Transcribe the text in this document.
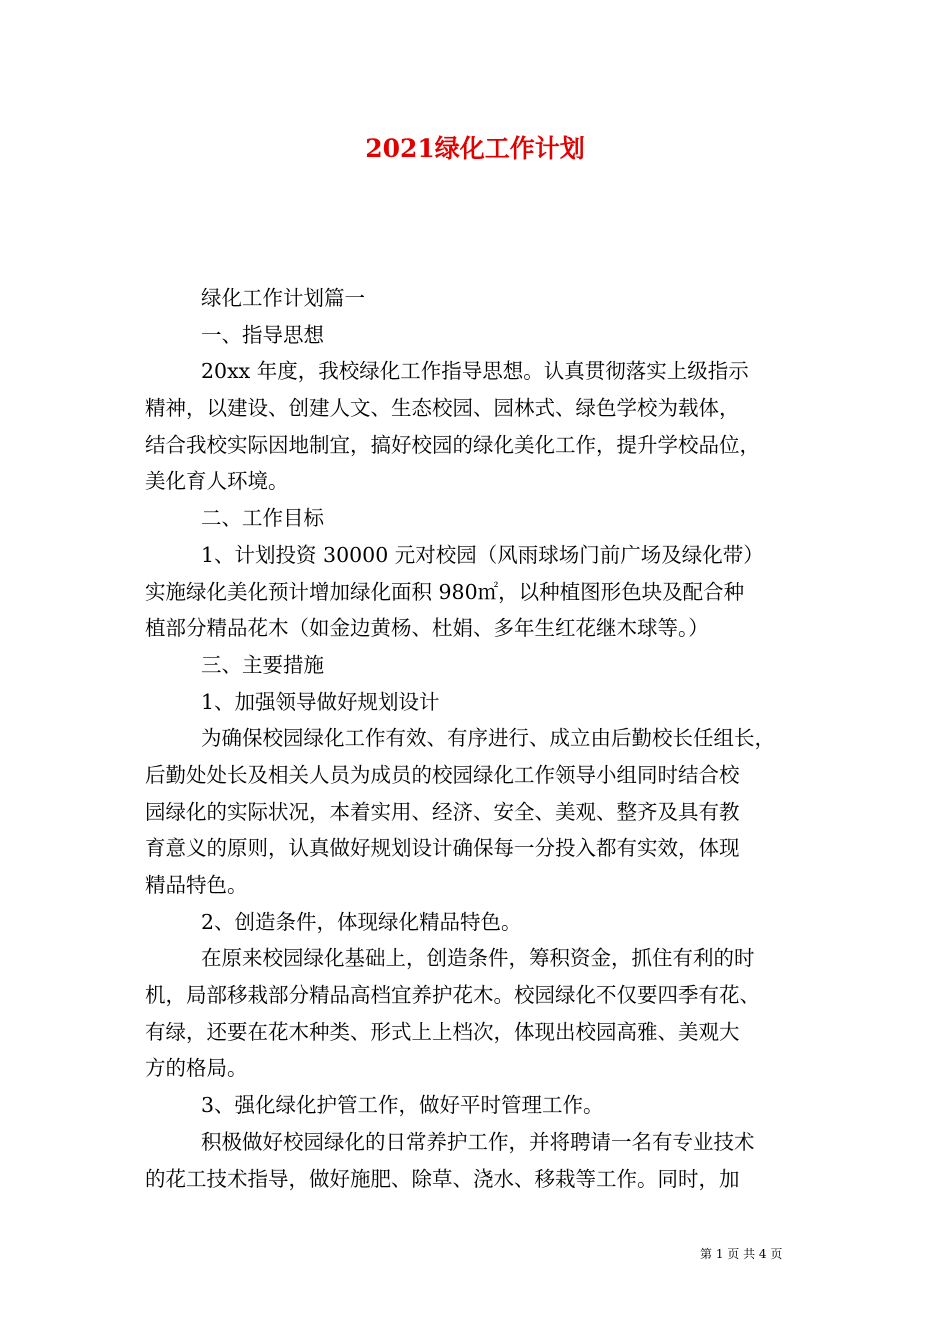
2021绿化工作计划

绿化工作计划篇一

一、指导思想

20xx 年度，我校绿化工作指导思想。认真贯彻落实上级指示

精神，以建设、创建人文、生态校园、园林式、绿色学校为载体，

结合我校实际因地制宜，搞好校园的绿化美化工作，提升学校品位，

美化育人环境。

二、工作目标

1、计划投资 30000 元对校园（风雨球场门前广场及绿化带）

实施绿化美化预计增加绿化面积 980㎡，以种植图形色块及配合种

植部分精品花木（如金边黄杨、杜娟、多年生红花继木球等。）

三、主要措施

1、加强领导做好规划设计

为确保校园绿化工作有效、有序进行、成立由后勤校长任组长，

后勤处处长及相关人员为成员的校园绿化工作领导小组同时结合校

园绿化的实际状况，本着实用、经济、安全、美观、整齐及具有教

育意义的原则，认真做好规划设计确保每一分投入都有实效，体现

精品特色。

2、创造条件，体现绿化精品特色。

在原来校园绿化基础上，创造条件，筹积资金，抓住有利的时

机，局部移栽部分精品高档宜养护花木。校园绿化不仅要四季有花、

有绿，还要在花木种类、形式上上档次，体现出校园高雅、美观大

方的格局。

3、强化绿化护管工作，做好平时管理工作。

积极做好校园绿化的日常养护工作，并将聘请一名有专业技术

的花工技术指导，做好施肥、除草、浇水、移栽等工作。同时，加

第 1 页 共 4 页
